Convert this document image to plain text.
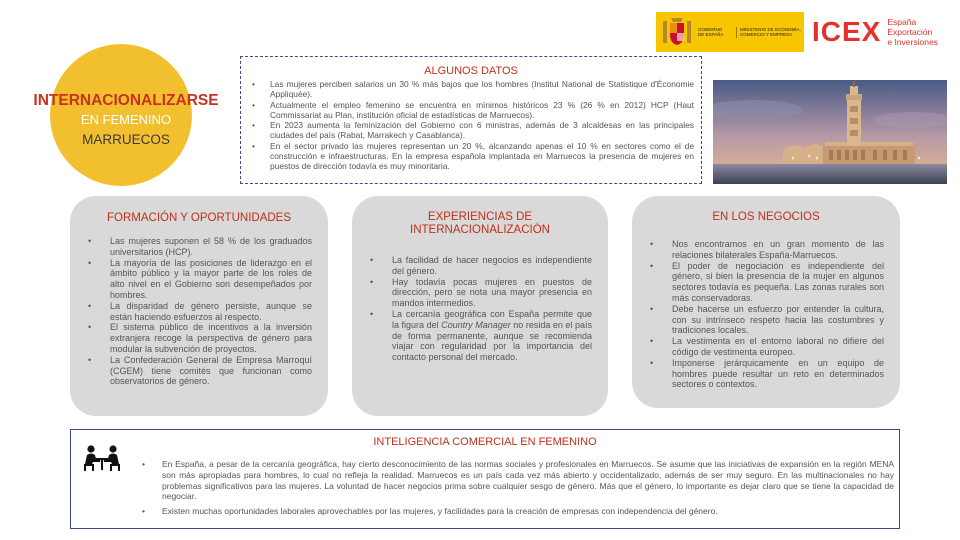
GOBIERNO
DE ESPAÑA
MINISTERIO DE ECONOMÍA, COMERCIO Y EMPRESA ICEX España
Exportación
e Inversiones
INTERNACIONALIZARSE
EN FEMENINO
MARRUECOS
ALGUNOS DATOS
• Las mujeres perciben salarios un 30 % más bajos que los hombres (Institut National de Statistique d'Économie Appliquée).
• Actualmente el empleo femenino se encuentra en mínimos históricos 23 % (26 % en 2012) HCP (Haut Commissariat au Plan, institución oficial de estadísticas de Marruecos).
• En 2023 aumenta la feminización del Gobierno con 6 ministras, además de 3 alcaldesas en las principales ciudades del país (Rabat, Marrakech y Casablanca).
• En el sector privado las mujeres representan un 20 %, alcanzando apenas el 10 % en sectores como el de construcción e infraestructuras. En la empresa española implantada en Marruecos la presencia de mujeres en puestos de dirección todavía es muy minoritaria.
FORMACIÓN Y OPORTUNIDADES
• Las mujeres suponen el 58 % de los graduados universitarios (HCP).
• La mayoría de las posiciones de liderazgo en el ámbito público y la mayor parte de los roles de alto nivel en el Gobierno son desempeñados por hombres.
• La disparidad de género persiste, aunque se están haciendo esfuerzos al respecto.
• El sistema público de incentivos a la inversión extranjera recoge la perspectiva de género para modular la subvención de proyectos.
• La Confederación General de Empresa Marroquí (CGEM) tiene comités que funcionan como observatorios de género.
EXPERIENCIAS DE
INTERNACIONALIZACIÓN
• La facilidad de hacer negocios es independiente del género.
• Hay todavía pocas mujeres en puestos de dirección, pero se nota una mayor presencia en mandos intermedios.
• La cercanía geográfica con España permite que la figura del Country Manager no resida en el país de forma permanente, aunque se recomienda viajar con regularidad por la importancia del contacto personal del mercado.
EN LOS NEGOCIOS
• Nos encontramos en un gran momento de las relaciones bilaterales España-Marruecos.
• El poder de negociación es independiente del género, si bien la presencia de la mujer en algunos sectores todavía es pequeña. Las zonas rurales son más conservadoras.
• Debe hacerse un esfuerzo por entender la cultura, con su intrínseco respeto hacia las costumbres y tradiciones locales.
• La vestimenta en el entorno laboral no difiere del código de vestimenta europeo.
• Imponerse jerárquicamente en un equipo de hombres puede resultar un reto en determinados sectores o contextos.
INTELIGENCIA COMERCIAL EN FEMENINO
• En España, a pesar de la cercanía geográfica, hay cierto desconocimiento de las normas sociales y profesionales en Marruecos. Se asume que las iniciativas de expansión en la región MENA son más apropiadas para hombres, lo cual no refleja la realidad. Marruecos es un país cada vez más abierto y occidentalizado, además de ser muy seguro. En las multinacionales no hay problemas significativos para las mujeres. La voluntad de hacer negocios prima sobre cualquier sesgo de género. Más que el género, lo importante es dejar claro que se tiene la capacidad de negociar.
• Existen muchas oportunidades laborales aprovechables por las mujeres, y facilidades para la creación de empresas con independencia del género.
